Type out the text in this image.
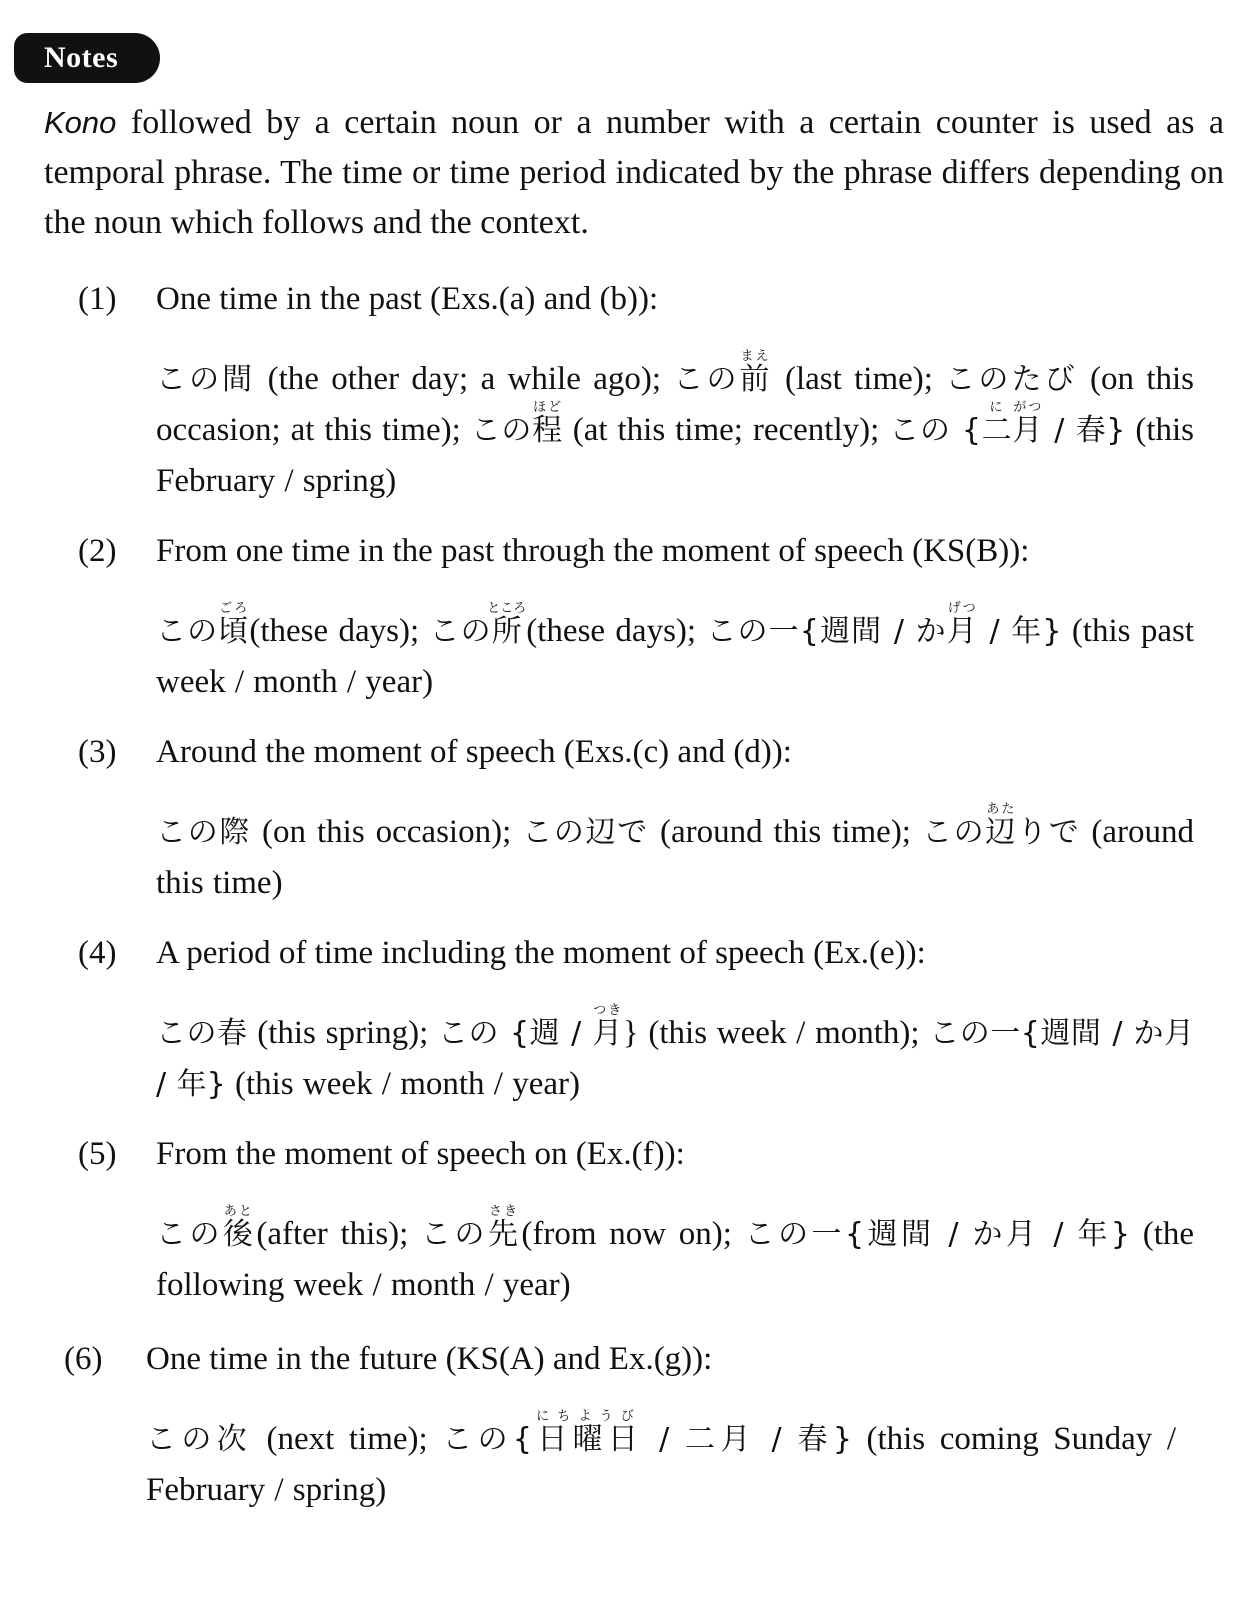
Notes
Kono followed by a certain noun or a number with a certain counter is used as a temporal phrase. The time or time period indicated by the phrase differs depending on the noun which follows and the context.
(1) One time in the past (Exs.(a) and (b)):
この間 (the other day; a while ago); この前まえ (last time); このたび (on this occasion; at this time); この程ほど (at this time; recently); この {二に月がつ / 春} (this February / spring)
(2) From one time in the past through the moment of speech (KS(B)):
この頃ごろ(these days); この所ところ(these days); この一{週間 / か月げつ / 年} (this past week / month / year)
(3) Around the moment of speech (Exs.(c) and (d)):
この際 (on this occasion); この辺で (around this time); この辺あたりで (around this time)
(4) A period of time including the moment of speech (Ex.(e)):
この春 (this spring); この {週 / 月つき} (this week / month); この一{週間 / か月 / 年} (this week / month / year)
(5) From the moment of speech on (Ex.(f)):
この後あと(after this); この先さき(from now on); この一{週間 / か月 / 年} (the following week / month / year)
(6) One time in the future (KS(A) and Ex.(g)):
この次 (next time); この{日曜日にちようび / 二月 / 春} (this coming Sunday / February / spring)
